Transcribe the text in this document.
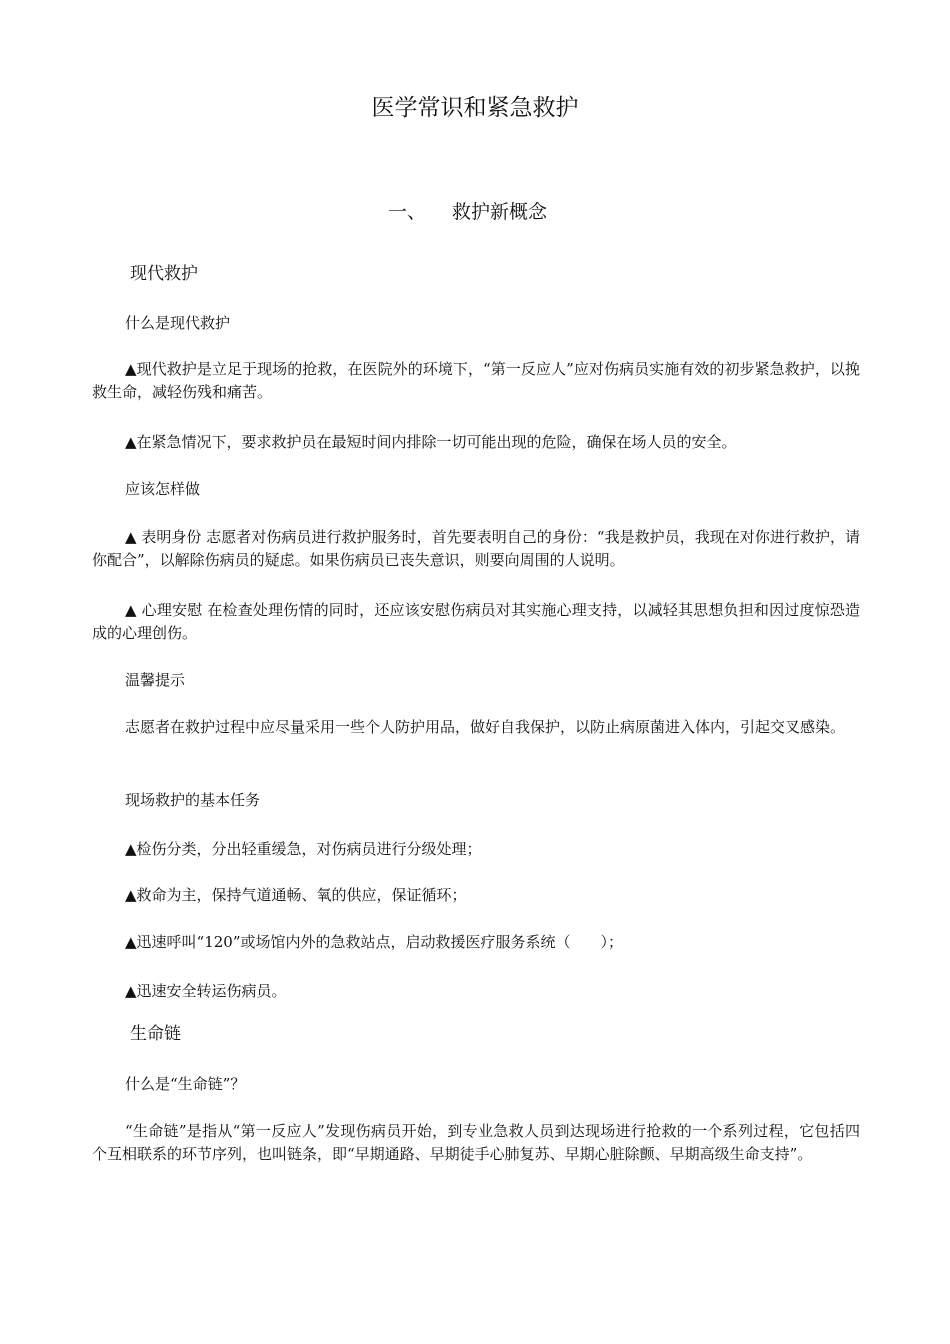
医学常识和紧急救护
一、 救护新概念
现代救护
什么是现代救护
▲现代救护是立足于现场的抢救，在医院外的环境下，“第一反应人”应对伤病员实施有效的初步紧急救护，以挽救生命，减轻伤残和痛苦。
▲在紧急情况下，要求救护员在最短时间内排除一切可能出现的危险，确保在场人员的安全。
应该怎样做
▲ 表明身份 志愿者对伤病员进行救护服务时，首先要表明自己的身份：“我是救护员，我现在对你进行救护，请你配合”，以解除伤病员的疑虑。如果伤病员已丧失意识，则要向周围的人说明。
▲ 心理安慰 在检查处理伤情的同时，还应该安慰伤病员对其实施心理支持，以减轻其思想负担和因过度惊恐造成的心理创伤。
温馨提示
志愿者在救护过程中应尽量采用一些个人防护用品，做好自我保护，以防止病原菌进入体内，引起交叉感染。
现场救护的基本任务
▲检伤分类，分出轻重缓急，对伤病员进行分级处理；
▲救命为主，保持气道通畅、氧的供应，保证循环；
▲迅速呼叫“120”或场馆内外的急救站点，启动救援医疗服务系统（　　）；
▲迅速安全转运伤病员。
生命链
什么是“生命链”？
“生命链”是指从“第一反应人”发现伤病员开始，到专业急救人员到达现场进行抢救的一个系列过程，它包括四个互相联系的环节序列，也叫链条，即“早期通路、早期徒手心肺复苏、早期心脏除颤、早期高级生命支持”。
